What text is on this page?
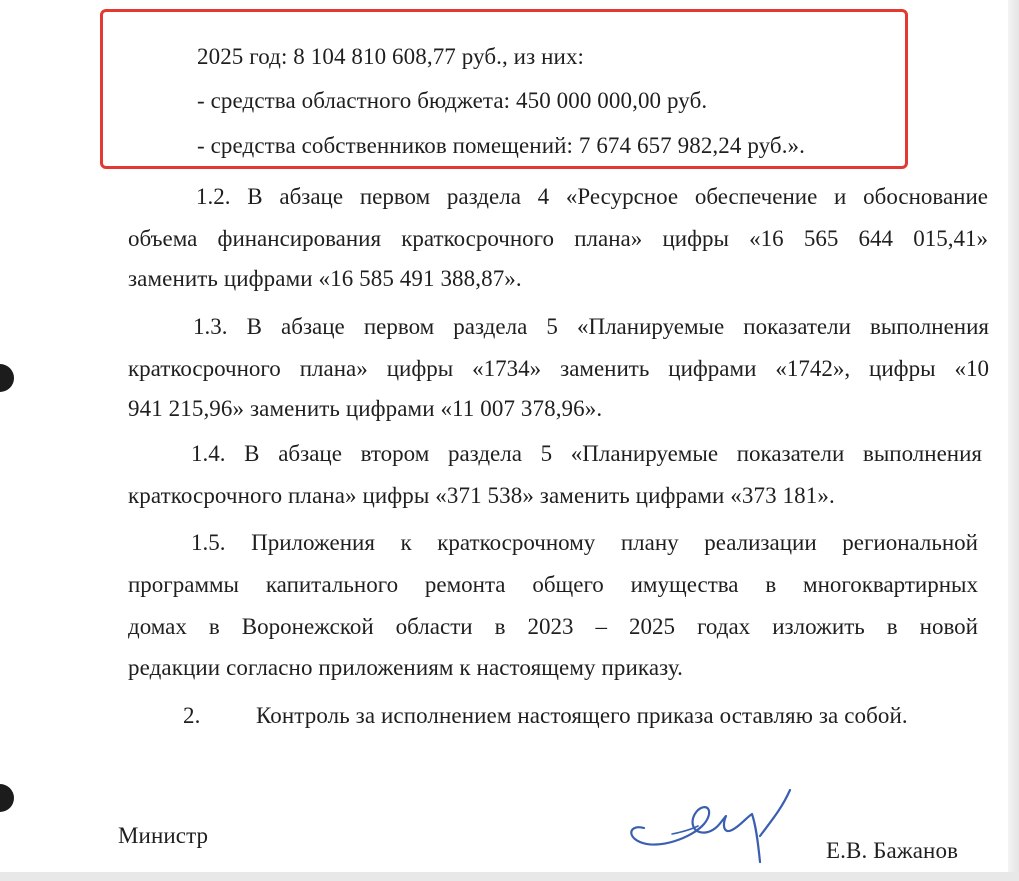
2025 год: 8 104 810 608,77 руб., из них:
- средства областного бюджета: 450 000 000,00 руб.
- средства собственников помещений: 7 674 657 982,24 руб.».
1.2. В абзаце первом раздела 4 «Ресурсное обеспечение и обоснование
объема финансирования краткосрочного плана» цифры «16 565 644 015,41»
заменить цифрами «16 585 491 388,87».
1.3. В абзаце первом раздела 5 «Планируемые показатели выполнения
краткосрочного плана» цифры «1734» заменить цифрами «1742», цифры «10
941 215,96» заменить цифрами «11 007 378,96».
1.4. В абзаце втором раздела 5 «Планируемые показатели выполнения
краткосрочного плана» цифры «371 538» заменить цифрами «373 181».
1.5. Приложения к краткосрочному плану реализации региональной
программы капитального ремонта общего имущества в многоквартирных
домах в Воронежской области в 2023 – 2025 годах изложить в новой
редакции согласно приложениям к настоящему приказу.
2. Контроль за исполнением настоящего приказа оставляю за собой.
Министр
Е.В. Бажанов
